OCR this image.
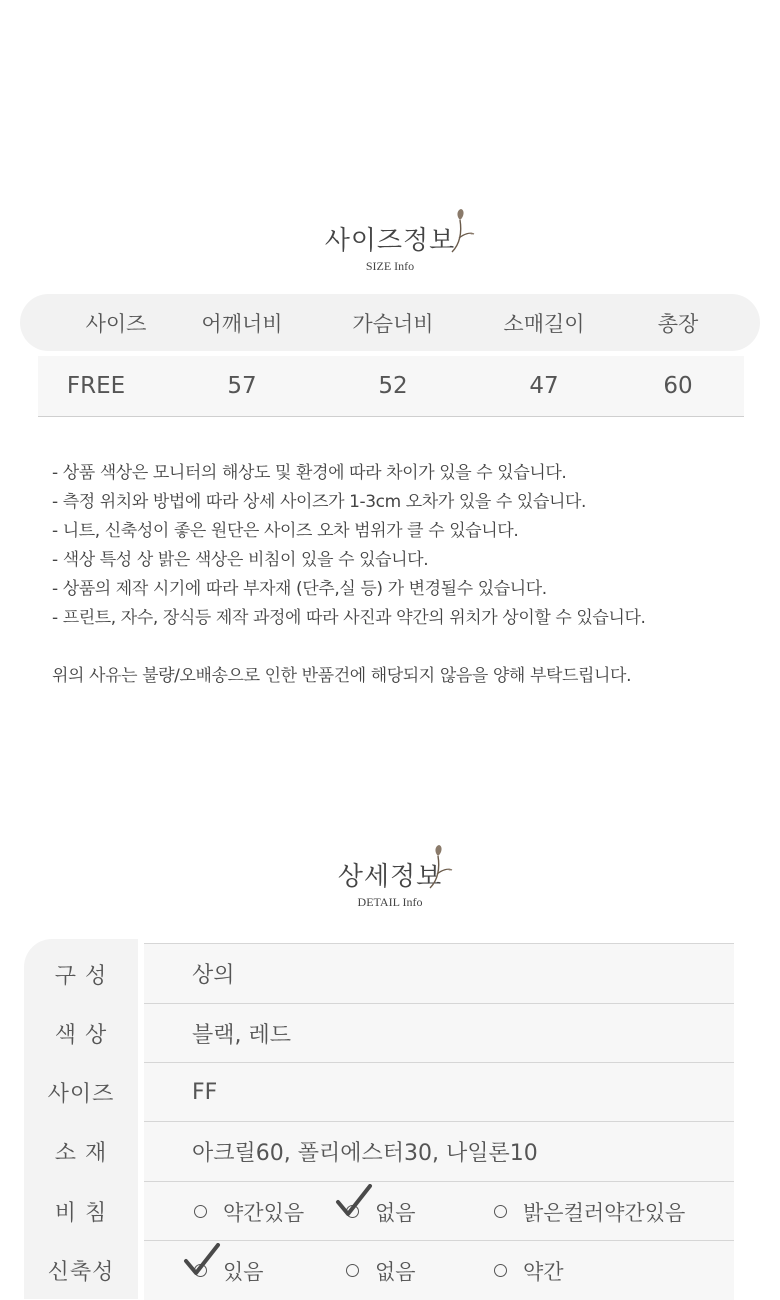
사이즈정보
SIZE Info
사이즈	어깨너비	가슴너비	소매길이	총장
FREE	57	52	47	60

- 상품 색상은 모니터의 해상도 및 환경에 따라 차이가 있을 수 있습니다.

- 측정 위치와 방법에 따라 상세 사이즈가 1-3cm 오차가 있을 수 있습니다.

- 니트, 신축성이 좋은 원단은 사이즈 오차 범위가 클 수 있습니다.

- 색상 특성 상 밝은 색상은 비침이 있을 수 있습니다.

- 상품의 제작 시기에 따라 부자재 (단추,실 등) 가 변경될수 있습니다.

- 프린트, 자수, 장식등 제작 과정에 따라 사진과 약간의 위치가 상이할 수 있습니다.

위의 사유는 불량/오배송으로 인한 반품건에 해당되지 않음을 양해 부탁드립니다.

상세정보
DETAIL Info
구 성	상의
색 상	블랙, 레드
사이즈	FF
소 재	아크릴60, 폴리에스터30, 나일론10
비 침	약간있음	없음	밝은컬러약간있음
신축성	있음	없음	약간
